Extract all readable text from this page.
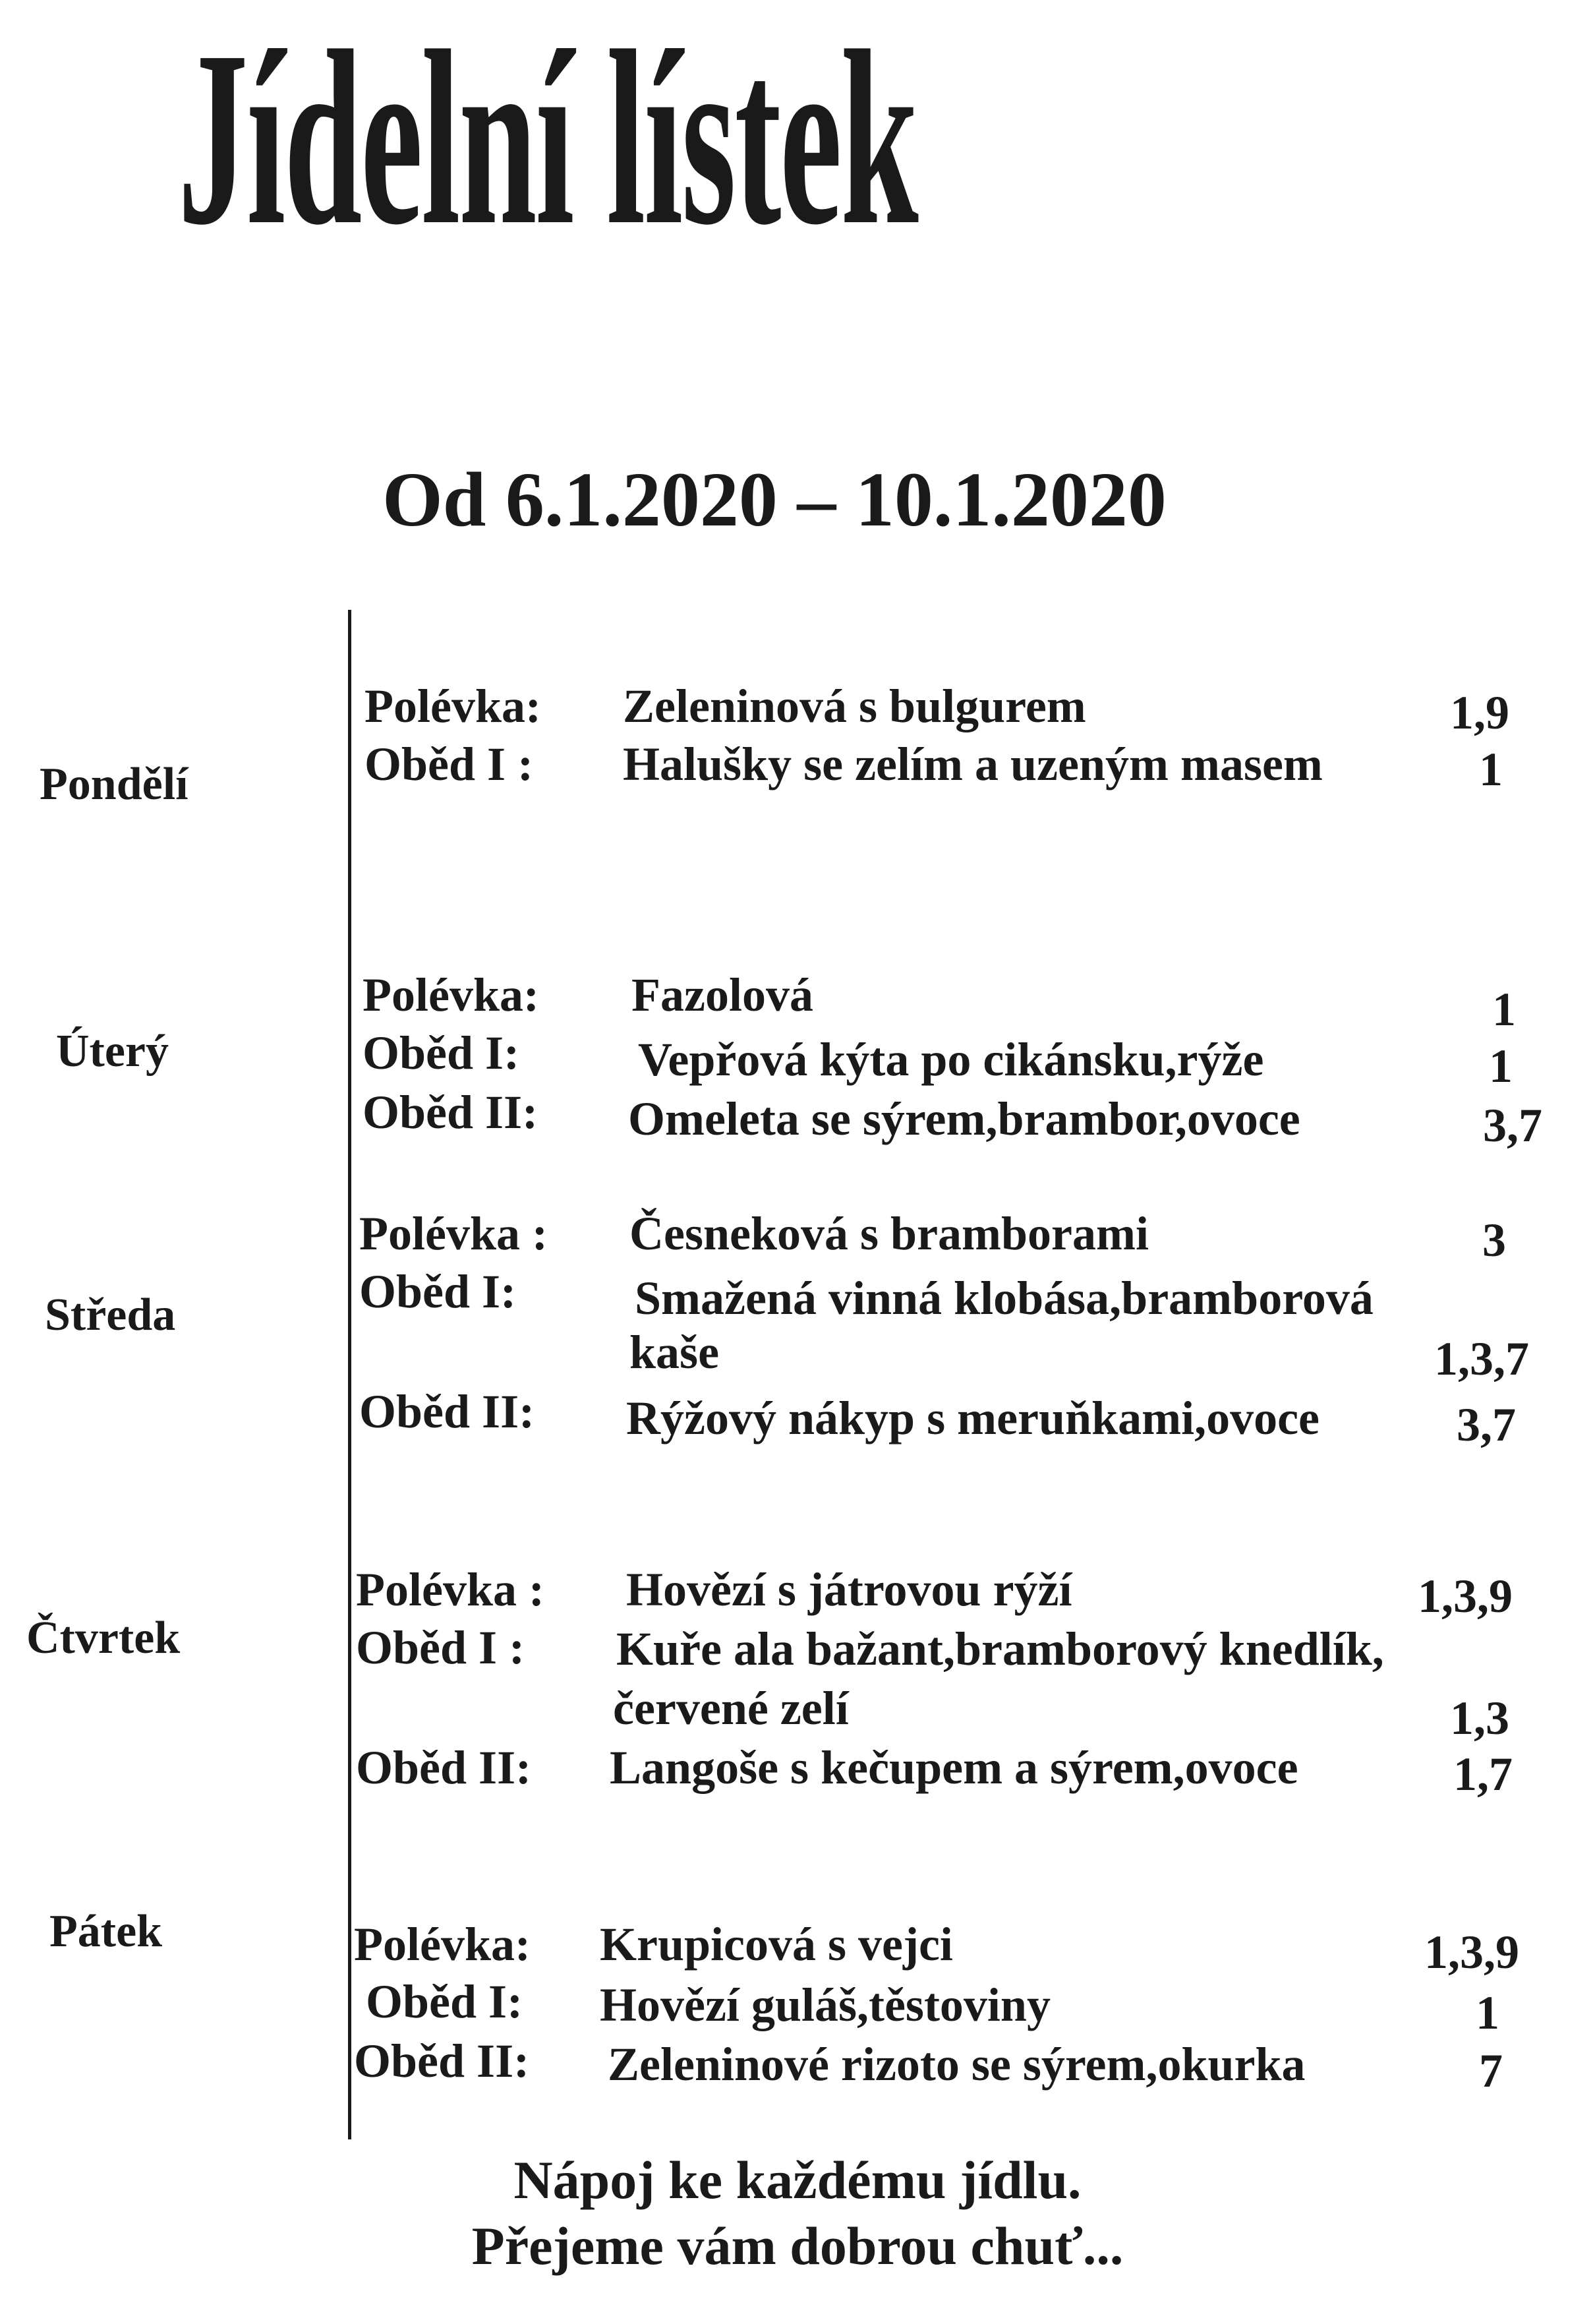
Jídelní lístek
Od 6.1.2020 – 10.1.2020
Pondělí
Polévka: Zeleninová s bulgurem	1,9
Oběd I : Halušky se zelím a uzeným masem	1
Úterý
Polévka: Fazolová	1
Oběd I: Vepřová kýta po cikánsku,rýže	1
Oběd II: Omeleta se sýrem,brambor,ovoce	3,7
Středa
Polévka : Česneková s bramborami	3
Oběd I: Smažená vinná klobása,bramborová
kaše	1,3,7
Oběd II: Rýžový nákyp s meruňkami,ovoce	3,7
Čtvrtek
Polévka : Hovězí s játrovou rýží	1,3,9
Oběd I : Kuře ala bažant,bramborový knedlík,
červené zelí	1,3
Oběd II: Langoše s kečupem a sýrem,ovoce	1,7
Pátek	Polévka: Krupicová s vejci	1,3,9
Oběd I: Hovězí guláš,těstoviny	1
Oběd II: Zeleninové rizoto se sýrem,okurka	7
Nápoj ke každému jídlu.
Přejeme vám dobrou chuť...
